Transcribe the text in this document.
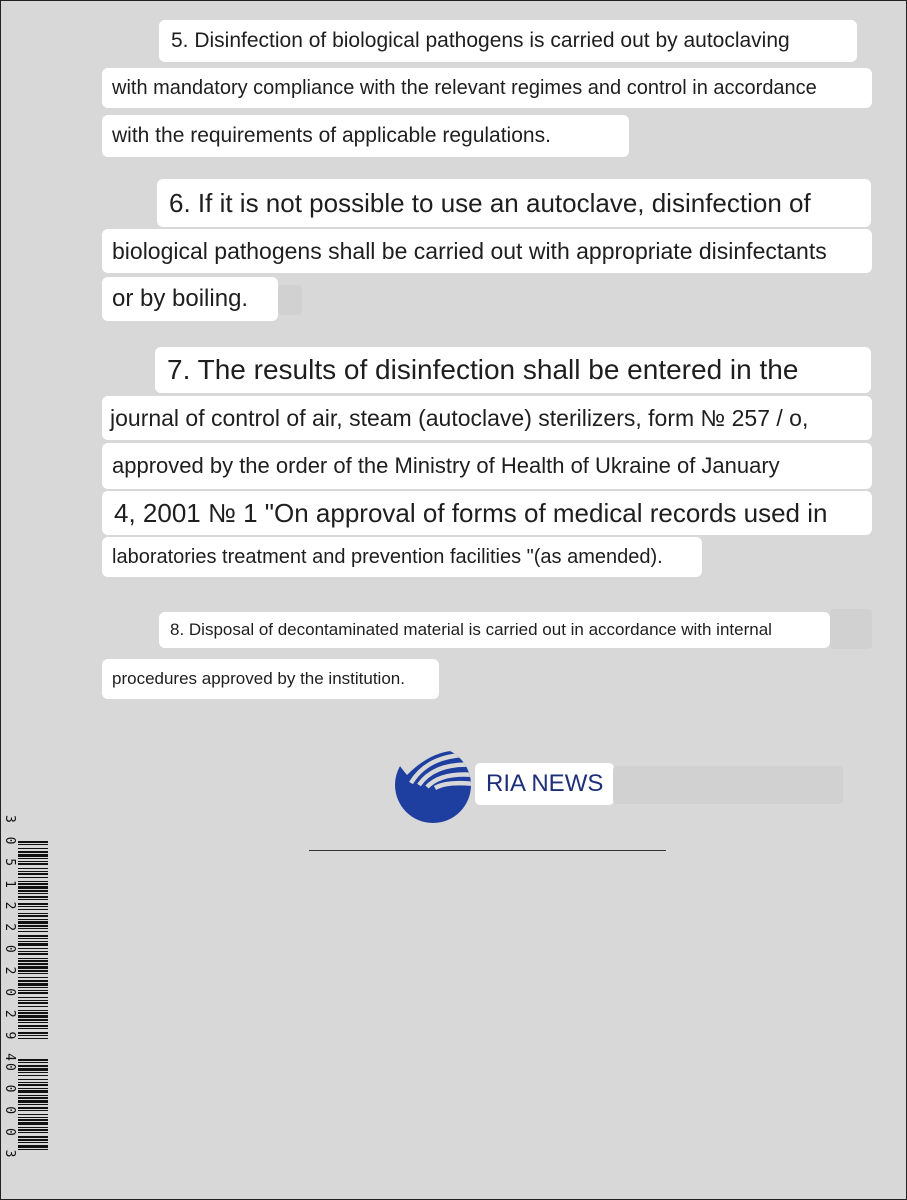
5. Disinfection of biological pathogens is carried out by autoclaving
with mandatory compliance with the relevant regimes and control in accordance
with the requirements of applicable regulations.
6. If it is not possible to use an autoclave, disinfection of
biological pathogens shall be carried out with appropriate disinfectants
or by boiling.
7. The results of disinfection shall be entered in the
journal of control of air, steam (autoclave) sterilizers, form № 257 / o,
approved by the order of the Ministry of Health of Ukraine of January
4, 2001 № 1 "On approval of forms of medical records used in
laboratories treatment and prevention facilities "(as amended).
8. Disposal of decontaminated material is carried out in accordance with internal
procedures approved by the institution.
RIA NEWS
3 0 5 1 2 2 0 2 0 2 9 4
0 0 0 0 3
